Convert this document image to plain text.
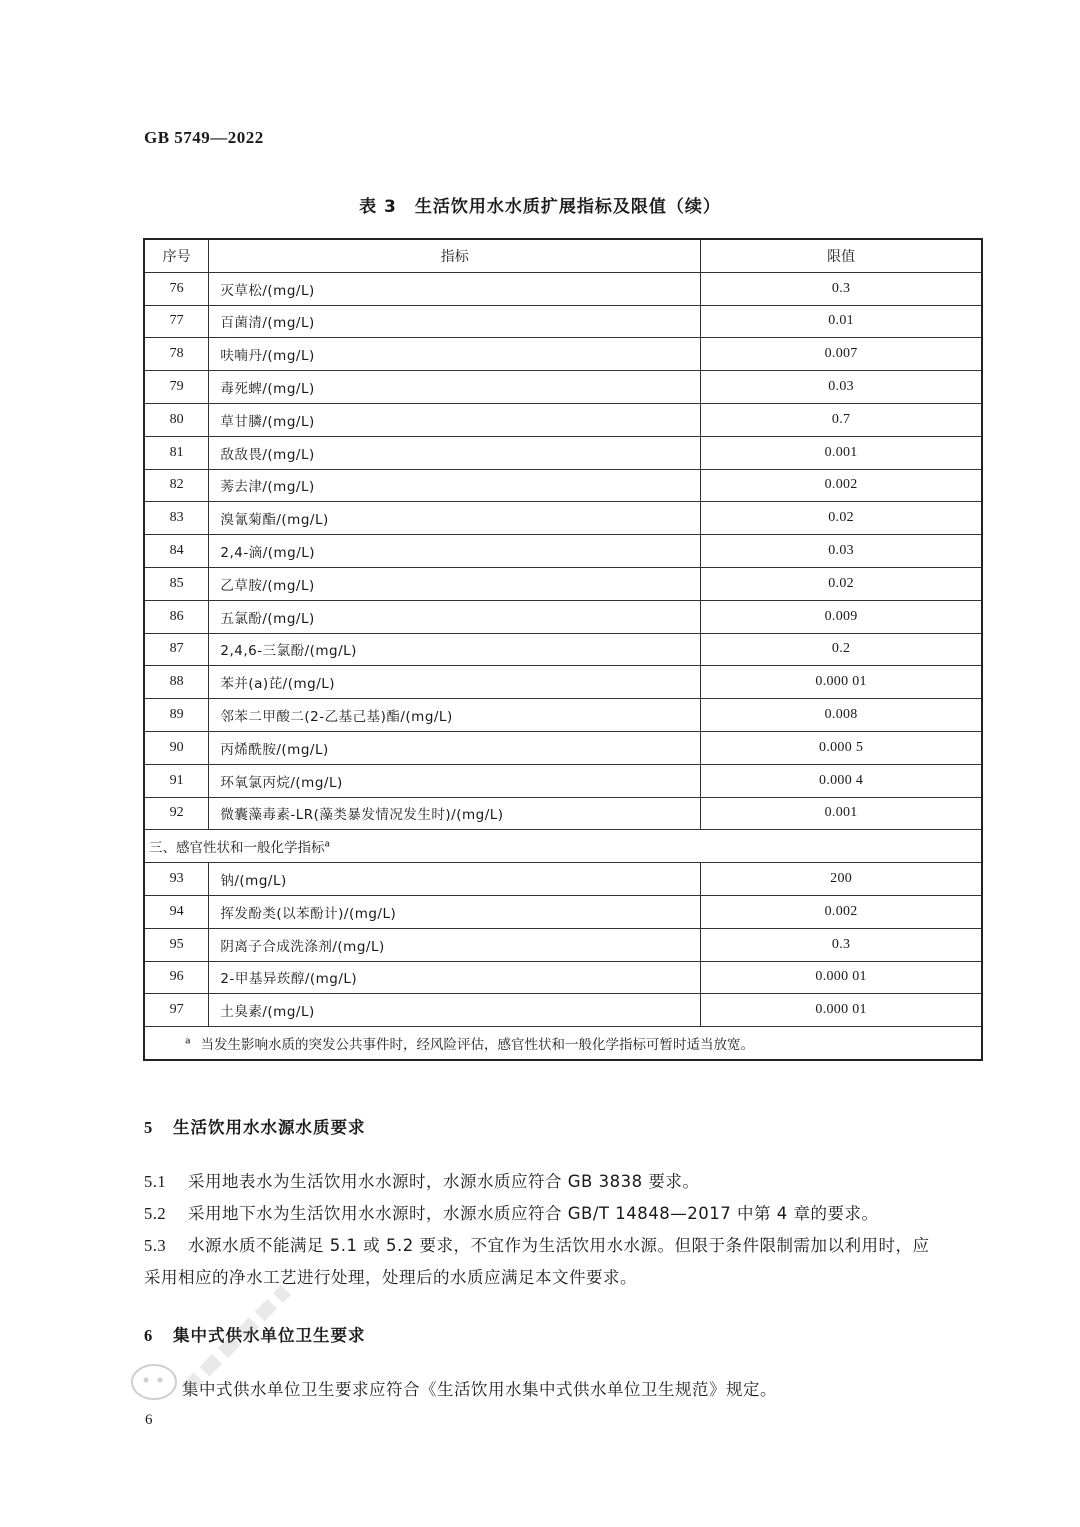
GB 5749—2022
表 3　生活饮用水水质扩展指标及限值（续）
序号	指标	限值
76	灭草松/(mg/L)	0.3
77	百菌清/(mg/L)	0.01
78	呋喃丹/(mg/L)	0.007
79	毒死蜱/(mg/L)	0.03
80	草甘膦/(mg/L)	0.7
81	敌敌畏/(mg/L)	0.001
82	莠去津/(mg/L)	0.002
83	溴氰菊酯/(mg/L)	0.02
84	2,4-滴/(mg/L)	0.03
85	乙草胺/(mg/L)	0.02
86	五氯酚/(mg/L)	0.009
87	2,4,6-三氯酚/(mg/L)	0.2
88	苯并(a)芘/(mg/L)	0.000 01
89	邻苯二甲酸二(2-乙基己基)酯/(mg/L)	0.008
90	丙烯酰胺/(mg/L)	0.000 5
91	环氧氯丙烷/(mg/L)	0.000 4
92	微囊藻毒素-LR(藻类暴发情况发生时)/(mg/L)	0.001
三、感官性状和一般化学指标$^a$
93	钠/(mg/L)	200
94	挥发酚类(以苯酚计)/(mg/L)	0.002
95	阴离子合成洗涤剂/(mg/L)	0.3
96	2-甲基异莰醇/(mg/L)	0.000 01
97	土臭素/(mg/L)	0.000 01
$^a$ 当发生影响水质的突发公共事件时，经风险评估，感官性状和一般化学指标可暂时适当放宽。		
5 生活饮用水水源水质要求
5.1 采用地表水为生活饮用水水源时，水源水质应符合 GB 3838 要求。
5.2 采用地下水为生活饮用水水源时，水源水质应符合 GB/T 14848—2017 中第 4 章的要求。
5.3 水源水质不能满足 5.1 或 5.2 要求，不宜作为生活饮用水水源。但限于条件限制需加以利用时，应
采用相应的净水工艺进行处理，处理后的水质应满足本文件要求。
6 集中式供水单位卫生要求
集中式供水单位卫生要求应符合《生活饮用水集中式供水单位卫生规范》规定。
6
